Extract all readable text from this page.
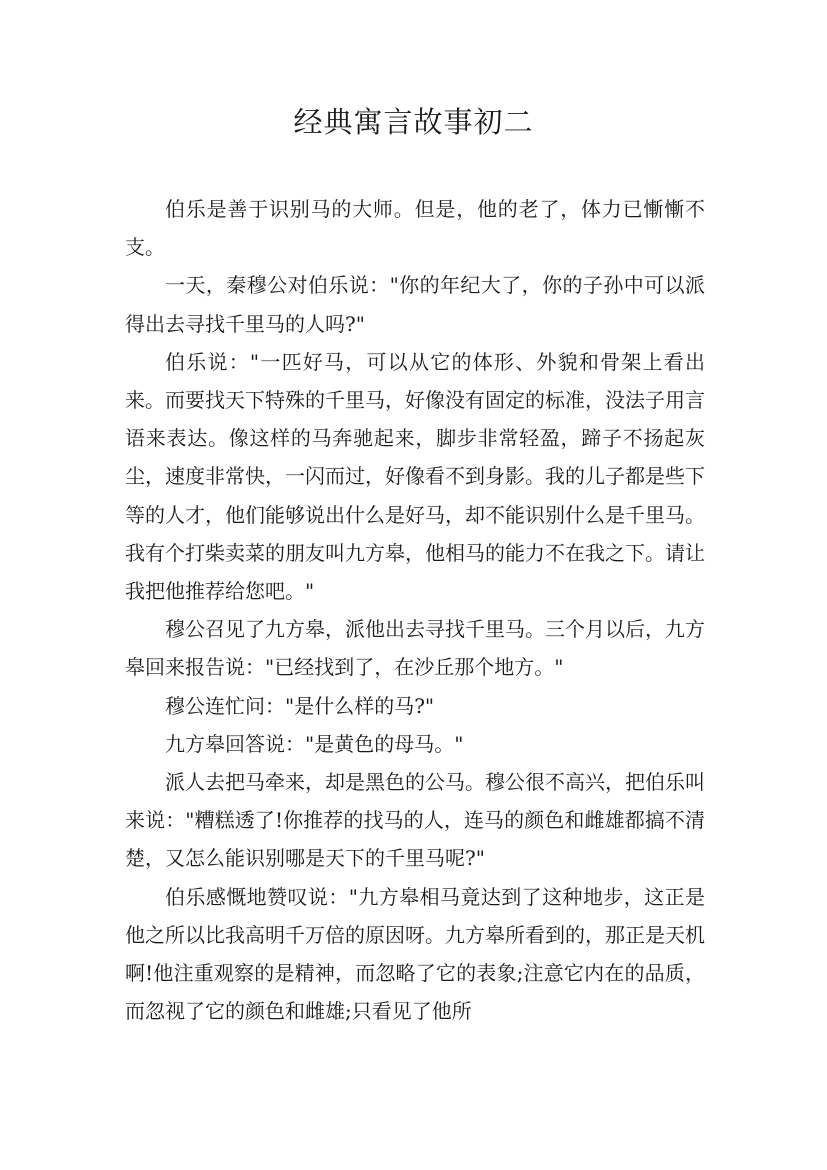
经典寓言故事初二

伯乐是善于识别马的大师。但是，他的老了，体力已慚慚不支。

一天，秦穆公对伯乐说："你的年纪大了，你的子孙中可以派得出去寻找千里马的人吗?"

伯乐说："一匹好马，可以从它的体形、外貌和骨架上看出来。而要找天下特殊的千里马，好像没有固定的标准，没法子用言语来表达。像这样的马奔驰起来，脚步非常轻盈，蹄子不扬起灰尘，速度非常快，一闪而过，好像看不到身影。我的儿子都是些下等的人才，他们能够说出什么是好马，却不能识别什么是千里马。我有个打柴卖菜的朋友叫九方皋，他相马的能力不在我之下。请让我把他推荐给您吧。"

穆公召见了九方皋，派他出去寻找千里马。三个月以后，九方皋回来报告说："已经找到了，在沙丘那个地方。"

穆公连忙问："是什么样的马?"

九方皋回答说："是黄色的母马。"

派人去把马牵来，却是黑色的公马。穆公很不高兴，把伯乐叫来说："糟糕透了!你推荐的找马的人，连马的颜色和雌雄都搞不清楚，又怎么能识别哪是天下的千里马呢?"

伯乐感慨地赞叹说："九方皋相马竟达到了这种地步，这正是他之所以比我高明千万倍的原因呀。九方皋所看到的，那正是天机啊!他注重观察的是精神，而忽略了它的表象;注意它内在的品质，而忽视了它的颜色和雌雄;只看见了他所
